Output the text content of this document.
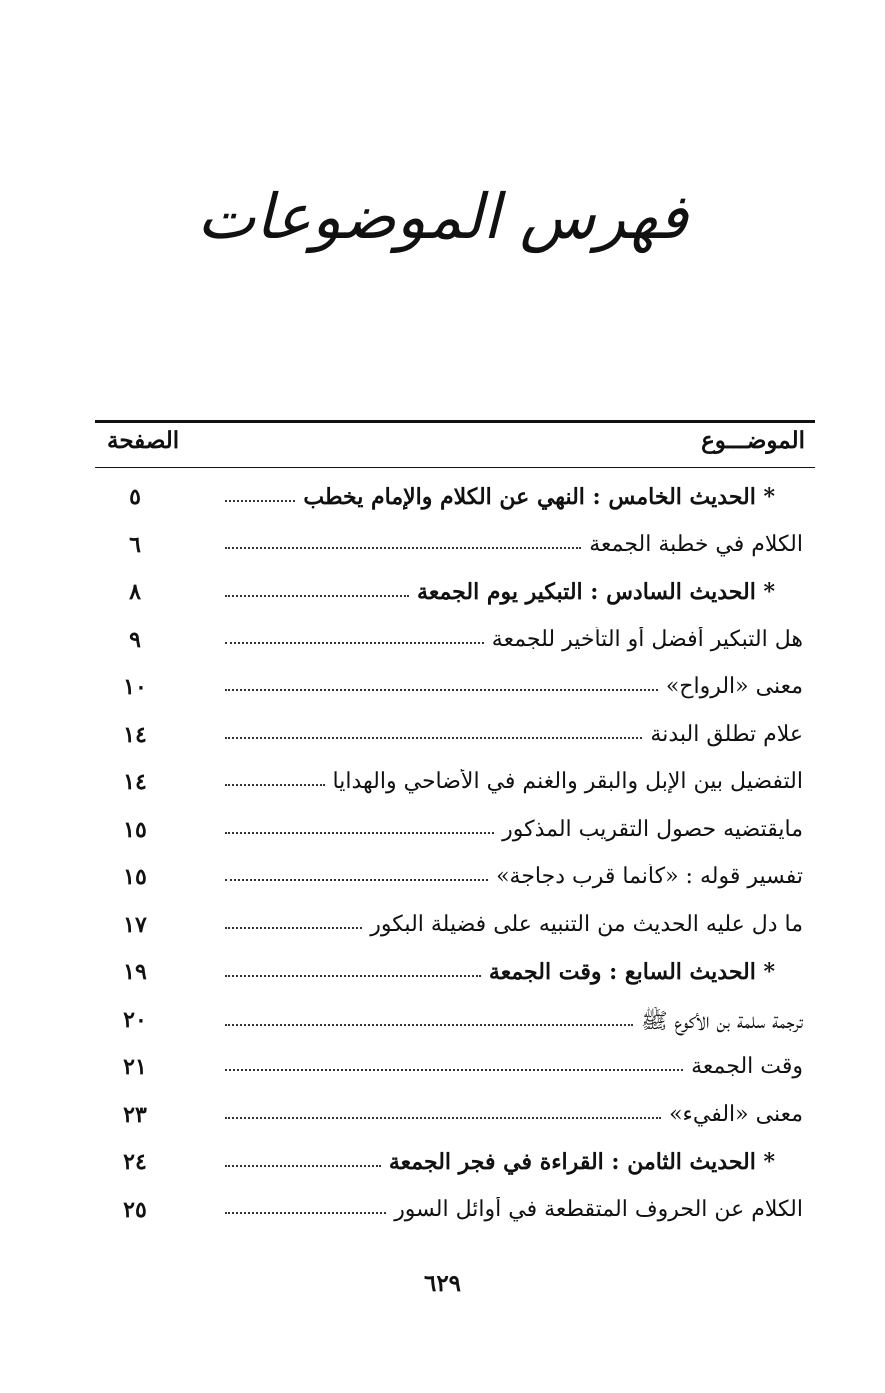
فهرس الموضوعات
الموضـــوع
الصفحة
* الحديث الخامس : النهي عن الكلام والإمام يخطب
٥
الكلام في خطبة الجمعة
٦
* الحديث السادس : التبكير يوم الجمعة
٨
هل التبكير أفضل أو التأخير للجمعة
٩
معنى «الرواح»
١٠
علام تطلق البدنة
١٤
التفضيل بين الإبل والبقر والغنم في الأضاحي والهدايا
١٤
مايقتضيه حصول التقريب المذكور
١٥
تفسير قوله : «كأنما قرب دجاجة»
١٥
ما دل عليه الحديث من التنبيه على فضيلة البكور
١٧
* الحديث السابع : وقت الجمعة
١٩
ترجمة سلمة بن الأكوع ﷺ
٢٠
وقت الجمعة
٢١
معنى «الفيء»
٢٣
* الحديث الثامن : القراءة في فجر الجمعة
٢٤
الكلام عن الحروف المتقطعة في أوائل السور
٢٥
٦٢٩
